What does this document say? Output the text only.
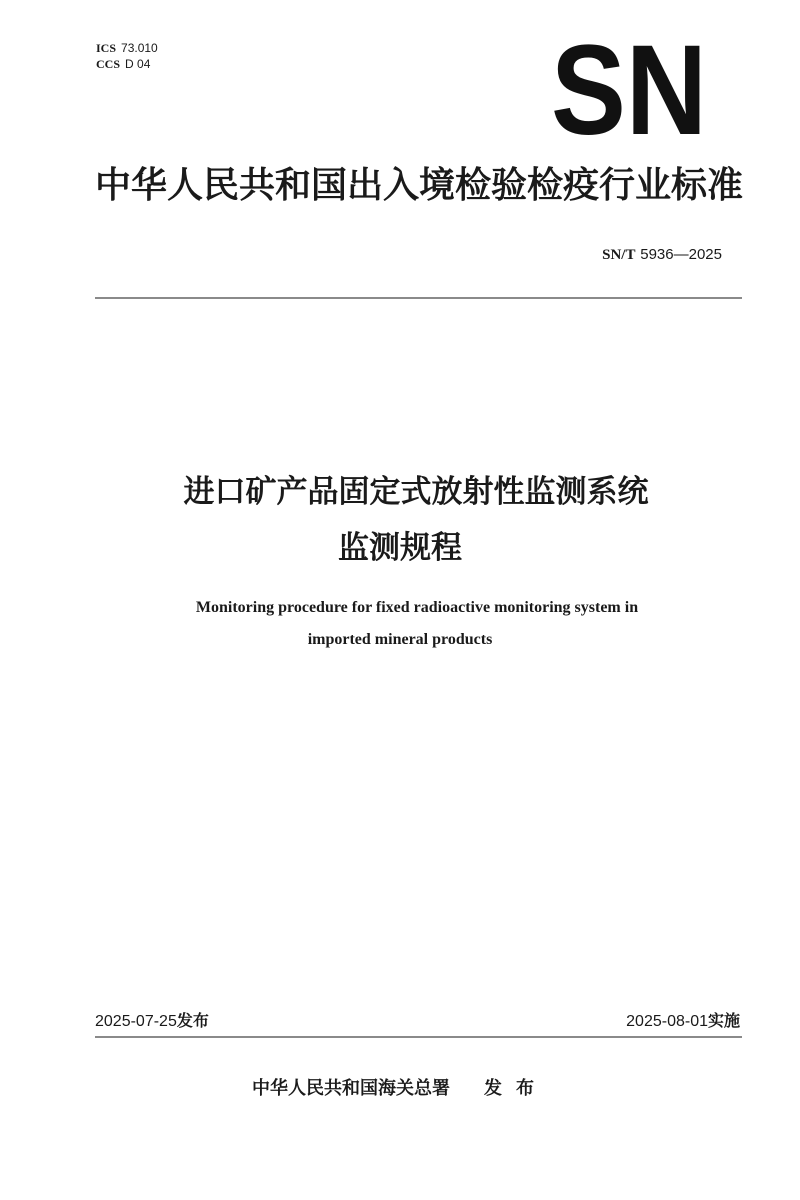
ICS 73.010
CCS D 04	SN
中华人民共和国出入境检验检疫行业标准
SN/T 5936—2025
进口矿产品固定式放射性监测系统
监测规程
Monitoring procedure for fixed radioactive monitoring system in
imported mineral products
2025-07-25发布	2025-08-01实施
中华人民共和国海关总署 发布
